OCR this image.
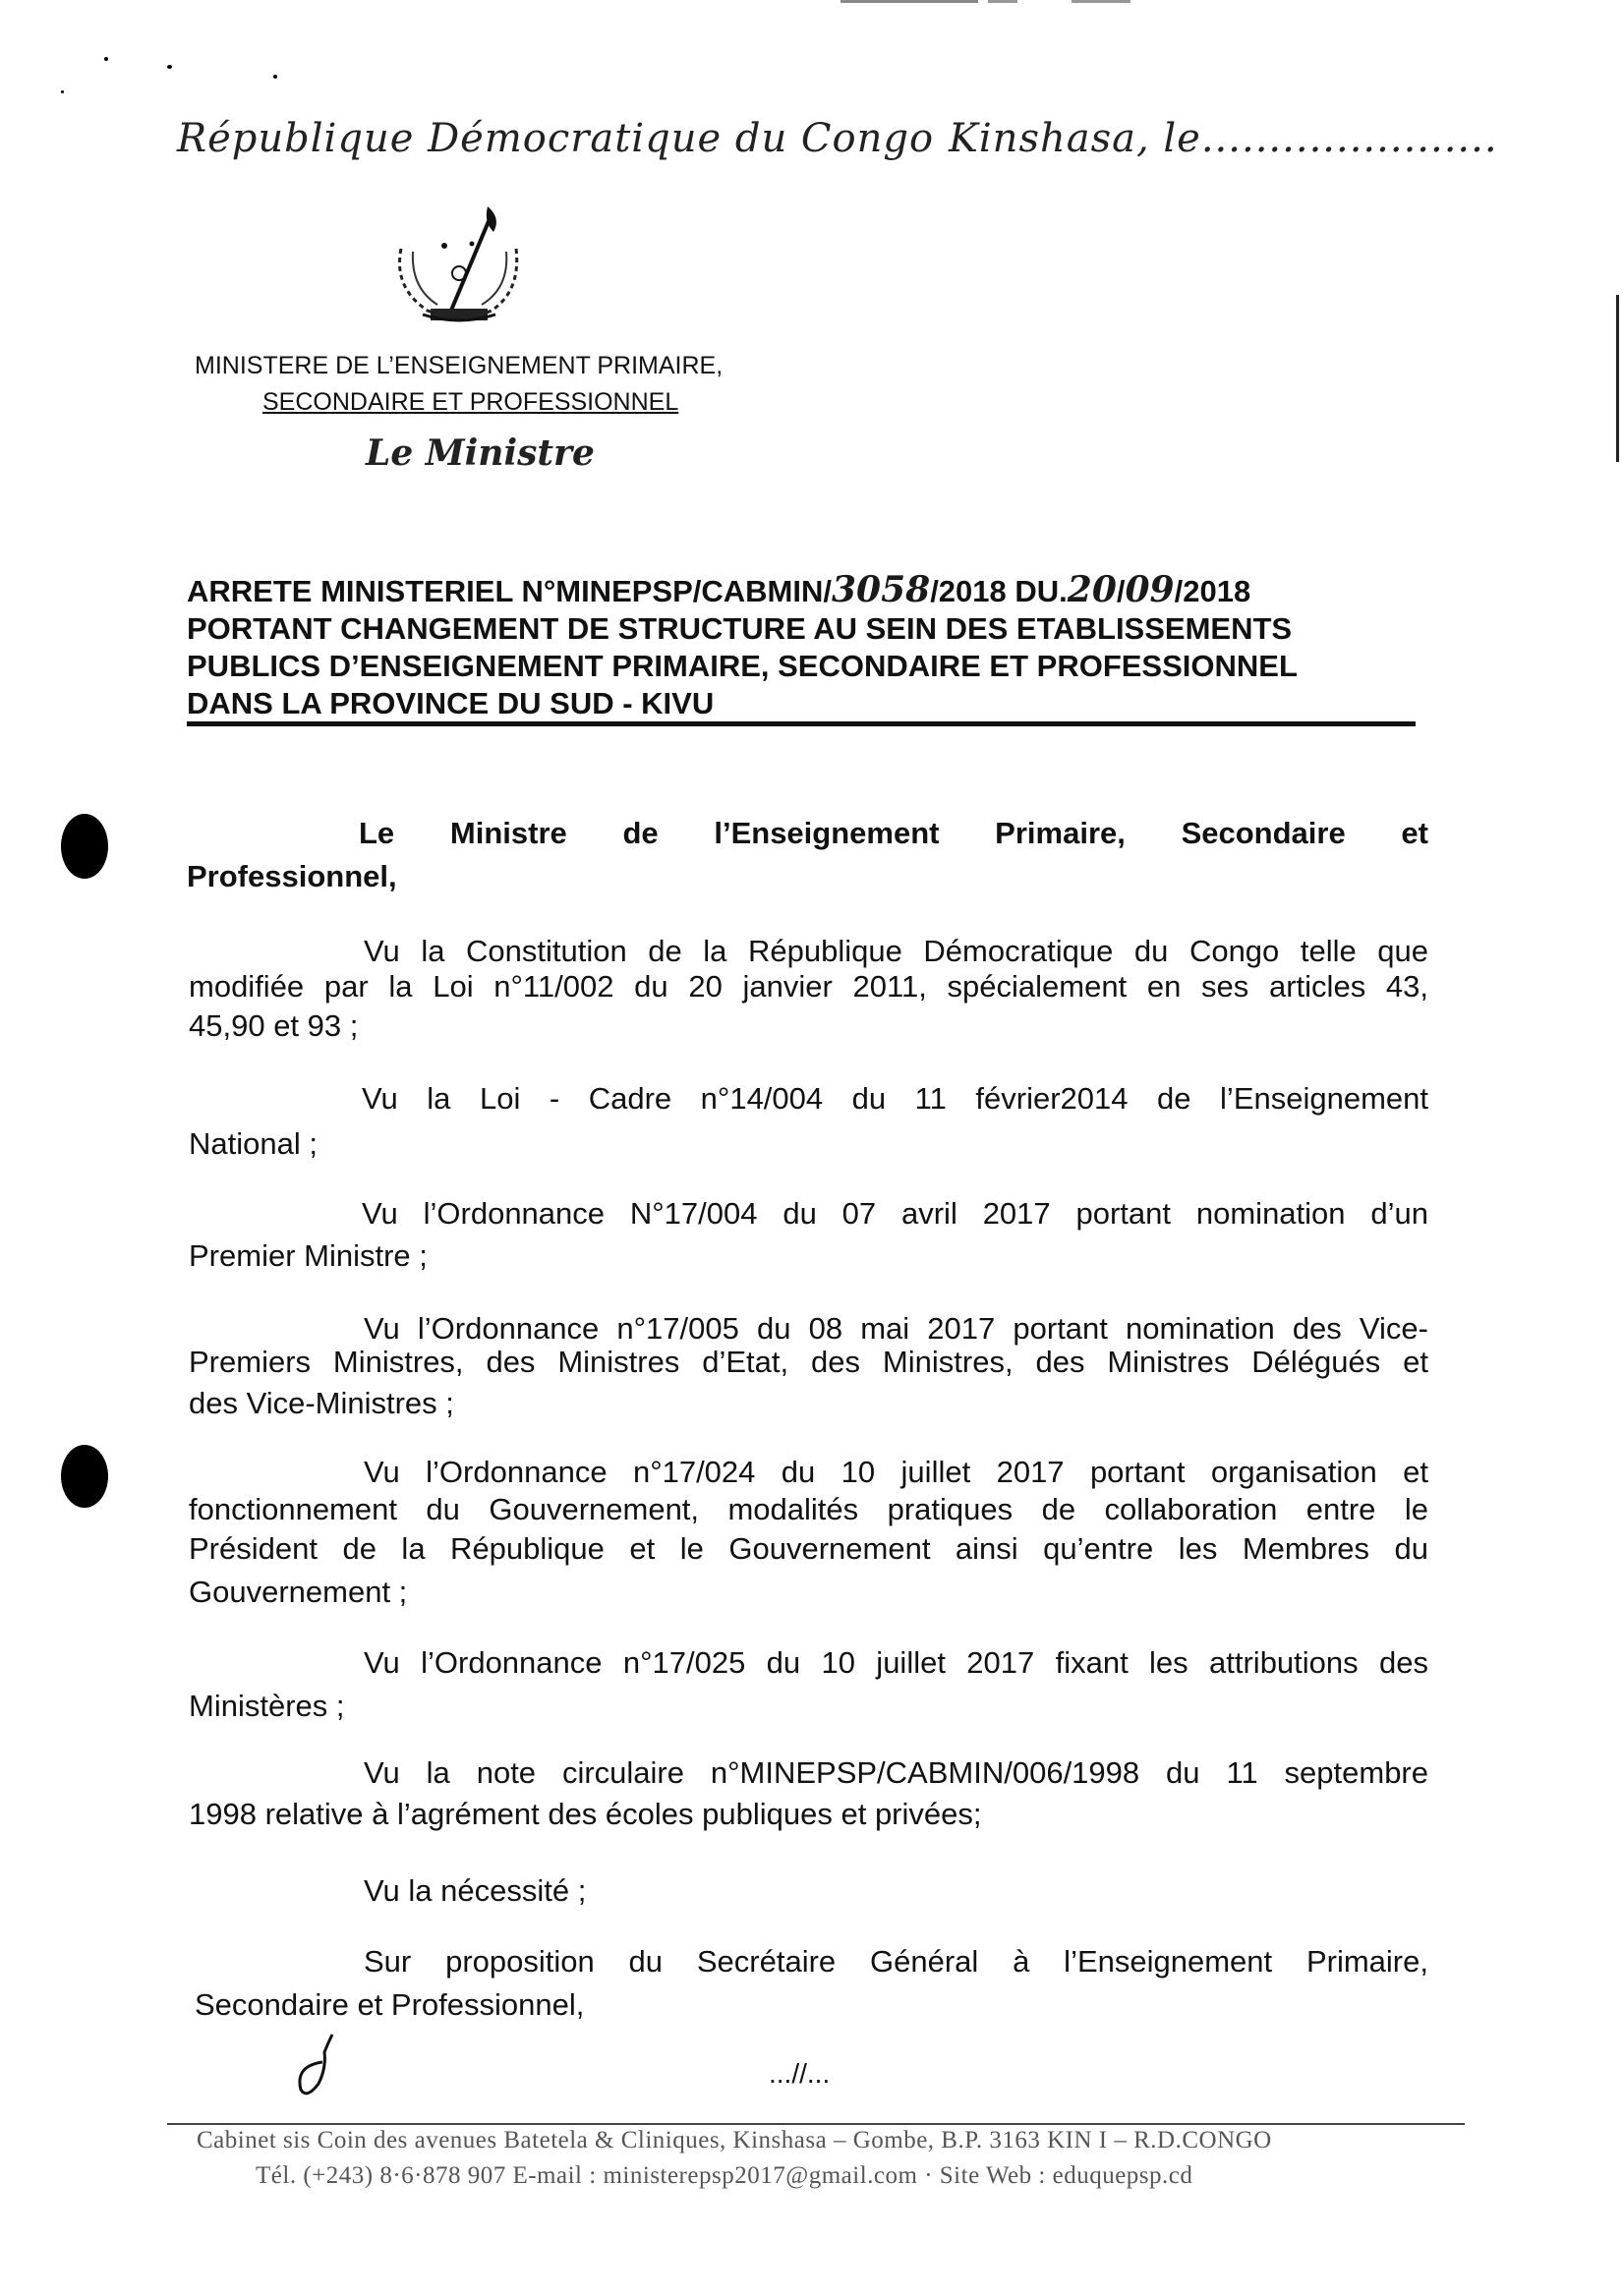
République Démocratique du Congo Kinshasa, le......................
MINISTERE DE L’ENSEIGNEMENT PRIMAIRE,
SECONDAIRE ET PROFESSIONNEL
Le Ministre
ARRETE MINISTERIEL N°MINEPSP/CABMIN/3058/2018 DU.20/09/2018
PORTANT CHANGEMENT DE STRUCTURE AU SEIN DES ETABLISSEMENTS
PUBLICS D’ENSEIGNEMENT PRIMAIRE, SECONDAIRE ET PROFESSIONNEL
DANS LA PROVINCE DU SUD - KIVU
Le Ministre de l’Enseignement Primaire, Secondaire et
Professionnel,
Vu la Constitution de la République Démocratique du Congo telle que
modifiée par la Loi n°11/002 du 20 janvier 2011, spécialement en ses articles 43,
45,90 et 93 ;
Vu la Loi - Cadre n°14/004 du 11 février2014 de l’Enseignement
National ;
Vu l’Ordonnance N°17/004 du 07 avril 2017 portant nomination d’un
Premier Ministre ;
Vu l’Ordonnance n°17/005 du 08 mai 2017 portant nomination des Vice-
Premiers Ministres, des Ministres d’Etat, des Ministres, des Ministres Délégués et
des Vice-Ministres ;
Vu l’Ordonnance n°17/024 du 10 juillet 2017 portant organisation et
fonctionnement du Gouvernement, modalités pratiques de collaboration entre le
Président de la République et le Gouvernement ainsi qu’entre les Membres du
Gouvernement ;
Vu l’Ordonnance n°17/025 du 10 juillet 2017 fixant les attributions des
Ministères ;
Vu la note circulaire n°MINEPSP/CABMIN/006/1998 du 11 septembre
1998 relative à l’agrément des écoles publiques et privées;
Vu la nécessité ;
Sur proposition du Secrétaire Général à l’Enseignement Primaire,
Secondaire et Professionnel,
...//...
Cabinet sis Coin des avenues Batetela & Cliniques, Kinshasa – Gombe, B.P. 3163 KIN I – R.D.CONGO
Tél. (+243) 8·6·878 907 E-mail : ministerepsp2017@gmail.com · Site Web : eduquepsp.cd
